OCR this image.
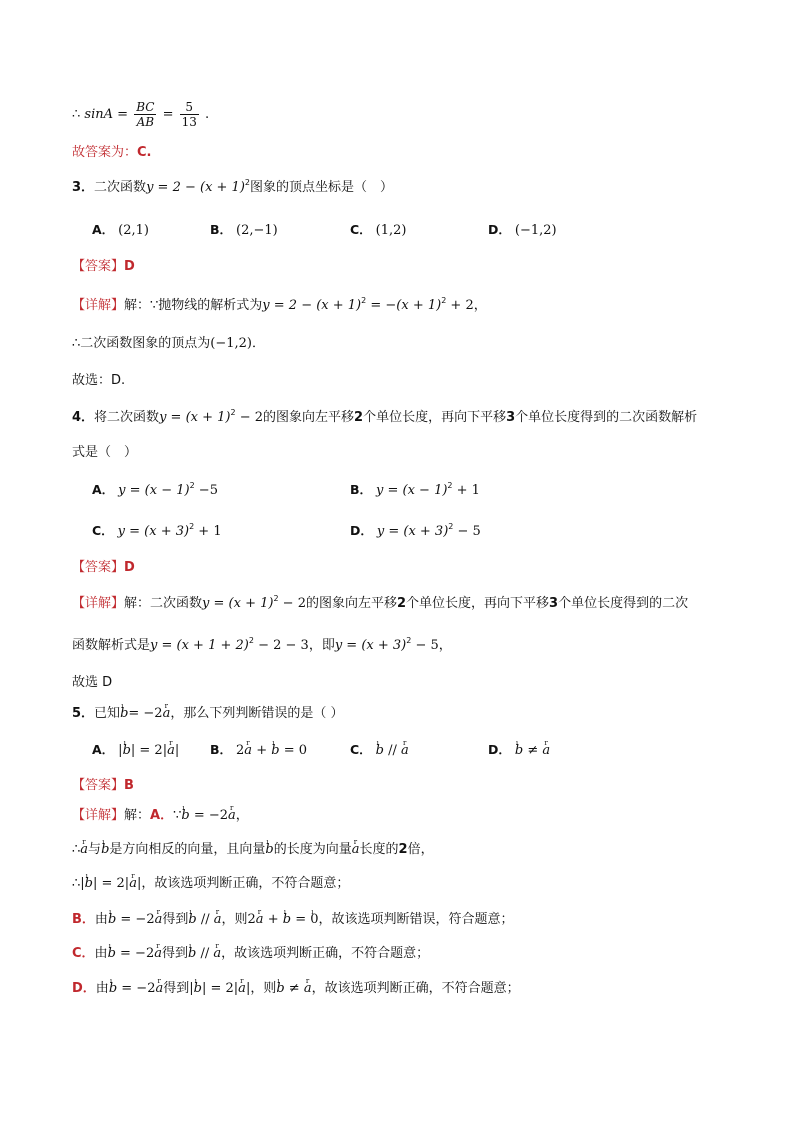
∴ $\sin A = \frac{BC}{AB} = \frac{5}{13}$ .
故答案为：C.
3．二次函数$y = 2 - (x + 1)^2$图象的顶点坐标是（　）
A． (2,1)	B． (2,−1)	C． (1,2)	D． (−1,2)
【答案】D
【详解】解：∵抛物线的解析式为$y = 2 - (x + 1)^2 = -(x + 1)^2 + 2$，
∴二次函数图象的顶点为(−1,2)．
故选：D.
4．将二次函数$y = (x + 1)^2 - 2$的图象向左平移2个单位长度，再向下平移3个单位长度得到的二次函数解析
式是（　）
A． $y = (x - 1)^2 -5$	B． $y = (x - 1)^2 + 1$
C． $y = (x + 3)^2 + 1$	D． $y = (x + 3)^2 - 5$
【答案】D
【详解】解：二次函数$y = (x + 1)^2 - 2$的图象向左平移2个单位长度，再向下平移3个单位长度得到的二次
函数解析式是$y = (x + 1 + 2)^2 - 2 - 3$，即$y = (x + 3)^2 - 5$，
故选 D
5．已知ı b= −2r a，那么下列判断错误的是（ ）
A． |ı b| = 2|r a| B． 2r a + ı b = 0	C． ı b // r a	D． ı b ≠ r a
【答案】B
【详解】解：A．∵ı b = −2r a，
∴r a与ı b是方向相反的向量，且向量ı b的长度为向量r a长度的2倍，
∴|ı b| = 2|r a|，故该选项判断正确，不符合题意；
B．由ı b = −2r a得到ı b // r a，则2r a + ı b = ı 0，故该选项判断错误，符合题意；
C．由ı b = −2r a得到ı b // r a，故该选项判断正确，不符合题意；
D．由ı b = −2r a得到|ı b| = 2|r a|，则ı b ≠ r a，故该选项判断正确，不符合题意；
